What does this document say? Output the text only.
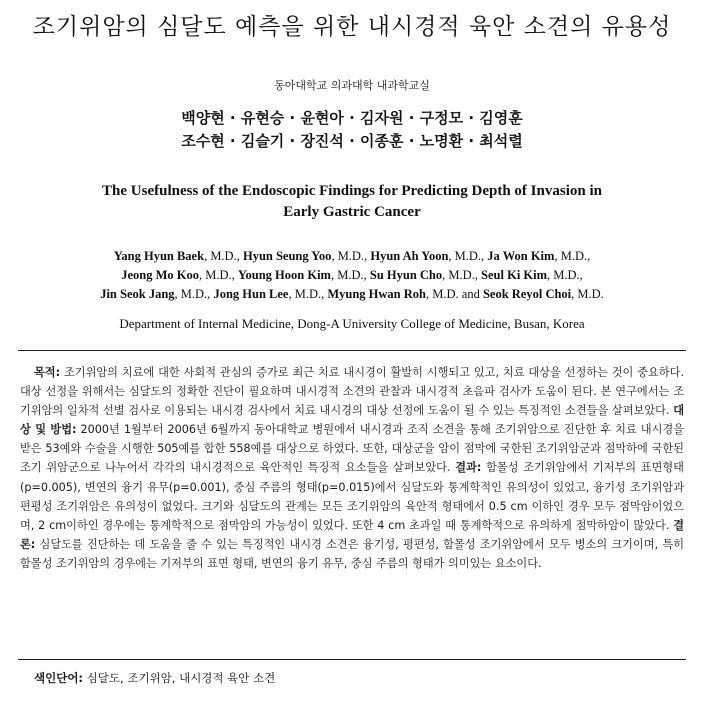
조기위암의 심달도 예측을 위한 내시경적 육안 소견의 유용성
동아대학교 의과대학 내과학교실
백양현 · 유현승 · 윤현아 · 김자원 · 구정모 · 김영훈
조수현 · 김슬기 · 장진석 · 이종훈 · 노명환 · 최석렬
The Usefulness of the Endoscopic Findings for Predicting Depth of Invasion in
Early Gastric Cancer
Yang Hyun Baek, M.D., Hyun Seung Yoo, M.D., Hyun Ah Yoon, M.D., Ja Won Kim, M.D.,
Jeong Mo Koo, M.D., Young Hoon Kim, M.D., Su Hyun Cho, M.D., Seul Ki Kim, M.D.,
Jin Seok Jang, M.D., Jong Hun Lee, M.D., Myung Hwan Roh, M.D. and Seok Reyol Choi, M.D.
Department of Internal Medicine, Dong-A University College of Medicine, Busan, Korea
목적: 조기위암의 치료에 대한 사회적 관심의 증가로 최근 치료 내시경이 활발히 시행되고 있고, 치료 대상을 선정하는 것이 중요하다. 대상 선정을 위해서는 심달도의 정확한 진단이 필요하며 내시경적 소견의 관찰과 내시경적 초음파 검사가 도움이 된다. 본 연구에서는 조기위암의 일차적 선별 검사로 이용되는 내시경 검사에서 치료 내시경의 대상 선정에 도움이 될 수 있는 특징적인 소견들을 살펴보았다. 대상 및 방법: 2000년 1월부터 2006년 6월까지 동아대학교 병원에서 내시경과 조직 소견을 통해 조기위암으로 진단한 후 치료 내시경을 받은 53예와 수술을 시행한 505예를 합한 558예를 대상으로 하였다. 또한, 대상군을 암이 점막에 국한된 조기위암군과 점막하에 국한된 조기 위암군으로 나누어서 각각의 내시경적으로 육안적인 특징적 요소들을 살펴보았다. 결과: 함몰성 조기위암에서 기저부의 표면형태(p=0.005), 변연의 융기 유무(p=0.001), 중심 주름의 형태(p=0.015)에서 심달도와 통계학적인 유의성이 있었고, 융기성 조기위암과 편평성 조기위암은 유의성이 없었다. 크기와 심달도의 관계는 모든 조기위암의 육안적 형태에서 0.5 cm 이하인 경우 모두 점막암이었으며, 2 cm이하인 경우에는 통계학적으로 점막암의 가능성이 있었다. 또한 4 cm 초과일 때 통계학적으로 유의하게 점막하암이 많았다. 결론: 심달도를 진단하는 데 도움을 줄 수 있는 특징적인 내시경 소견은 융기성, 평편성, 함몰성 조기위암에서 모두 병소의 크기이며, 특히 함몰성 조기위암의 경우에는 기저부의 표면 형태, 변연의 융기 유무, 중심 주름의 형태가 의미있는 요소이다.
색인단어: 심달도, 조기위암, 내시경적 육안 소견
